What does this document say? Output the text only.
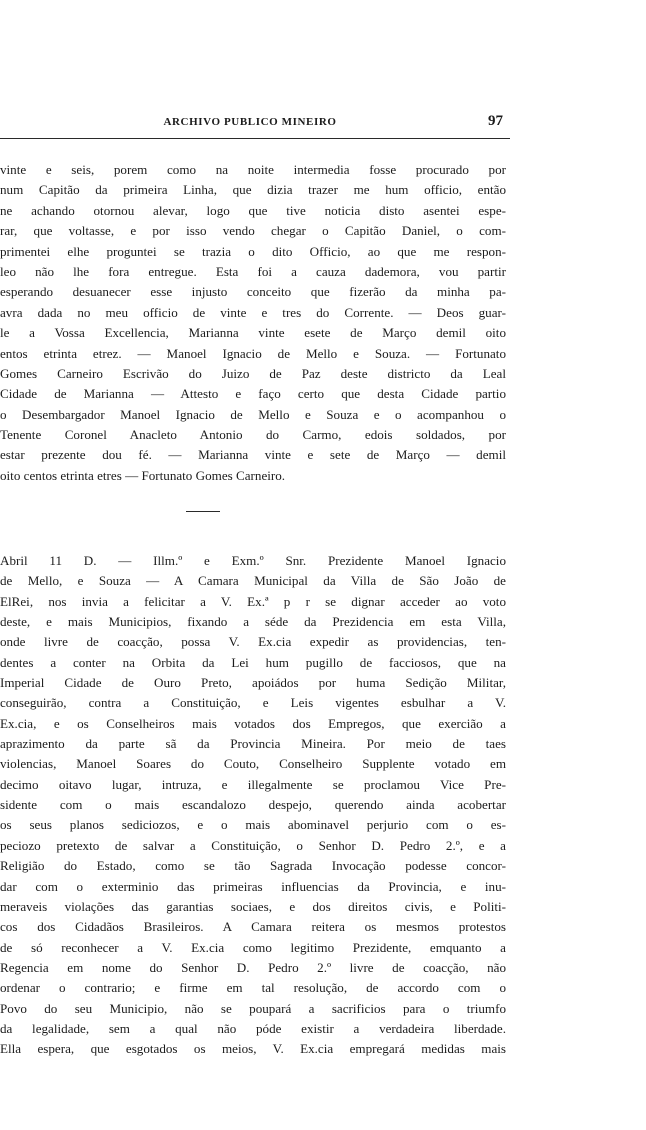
ARCHIVO PUBLICO MINEIRO	97
vinte e seis, porem como na noite intermedia fosse procurado por
num Capitão da primeira Linha, que dizia trazer me hum officio, então
ne achando otornou alevar, logo que tive noticia disto asentei espe-
rar, que voltasse, e por isso vendo chegar o Capitão Daniel, o com-
primentei elhe proguntei se trazia o dito Officio, ao que me respon-
leo não lhe fora entregue. Esta foi a cauza dademora, vou partir
esperando desuanecer esse injusto conceito que fizerão da minha pa-
avra dada no meu officio de vinte e tres do Corrente. — Deos guar-
le a Vossa Excellencia, Marianna vinte esete de Março demil oito
entos etrinta etrez. — Manoel Ignacio de Mello e Souza. — Fortunato
Gomes Carneiro Escrivão do Juizo de Paz deste districto da Leal
Cidade de Marianna — Attesto e faço certo que desta Cidade partio
o Desembargador Manoel Ignacio de Mello e Souza e o acompanhou o
Tenente Coronel Anacleto Antonio do Carmo, edois soldados, por
estar prezente dou fé. — Marianna vinte e sete de Março — demil
oito centos etrinta etres — Fortunato Gomes Carneiro.
Abril 11 D. — Illm.º e Exm.º Snr. Prezidente Manoel Ignacio
de Mello, e Souza — A Camara Municipal da Villa de São João de
ElRei, nos invia a felicitar a V. Ex.ª p r se dignar acceder ao voto
deste, e mais Municipios, fixando a séde da Prezidencia em esta Villa,
onde livre de coacção, possa V. Ex.cia expedir as providencias, ten-
dentes a conter na Orbita da Lei hum pugillo de facciosos, que na
Imperial Cidade de Ouro Preto, apoiádos por huma Sedição Militar,
conseguirão, contra a Constituição, e Leis vigentes esbulhar a V.
Ex.cia, e os Conselheiros mais votados dos Empregos, que exercião a
aprazimento da parte sã da Provincia Mineira. Por meio de taes
violencias, Manoel Soares do Couto, Conselheiro Supplente votado em
decimo oitavo lugar, intruza, e illegalmente se proclamou Vice Pre-
sidente com o mais escandalozo despejo, querendo ainda acobertar
os seus planos sediciozos, e o mais abominavel perjurio com o es-
peciozo pretexto de salvar a Constituição, o Senhor D. Pedro 2.º, e a
Religião do Estado, como se tão Sagrada Invocação podesse concor-
dar com o exterminio das primeiras influencias da Provincia, e inu-
meraveis violações das garantias sociaes, e dos direitos civis, e Politi-
cos dos Cidadãos Brasileiros. A Camara reitera os mesmos protestos
de só reconhecer a V. Ex.cia como legitimo Prezidente, emquanto a
Regencia em nome do Senhor D. Pedro 2.º livre de coacção, não
ordenar o contrario; e firme em tal resolução, de accordo com o
Povo do seu Municipio, não se poupará a sacrificios para o triumfo
da legalidade, sem a qual não póde existir a verdadeira liberdade.
Ella espera, que esgotados os meios, V. Ex.cia empregará medidas mais
